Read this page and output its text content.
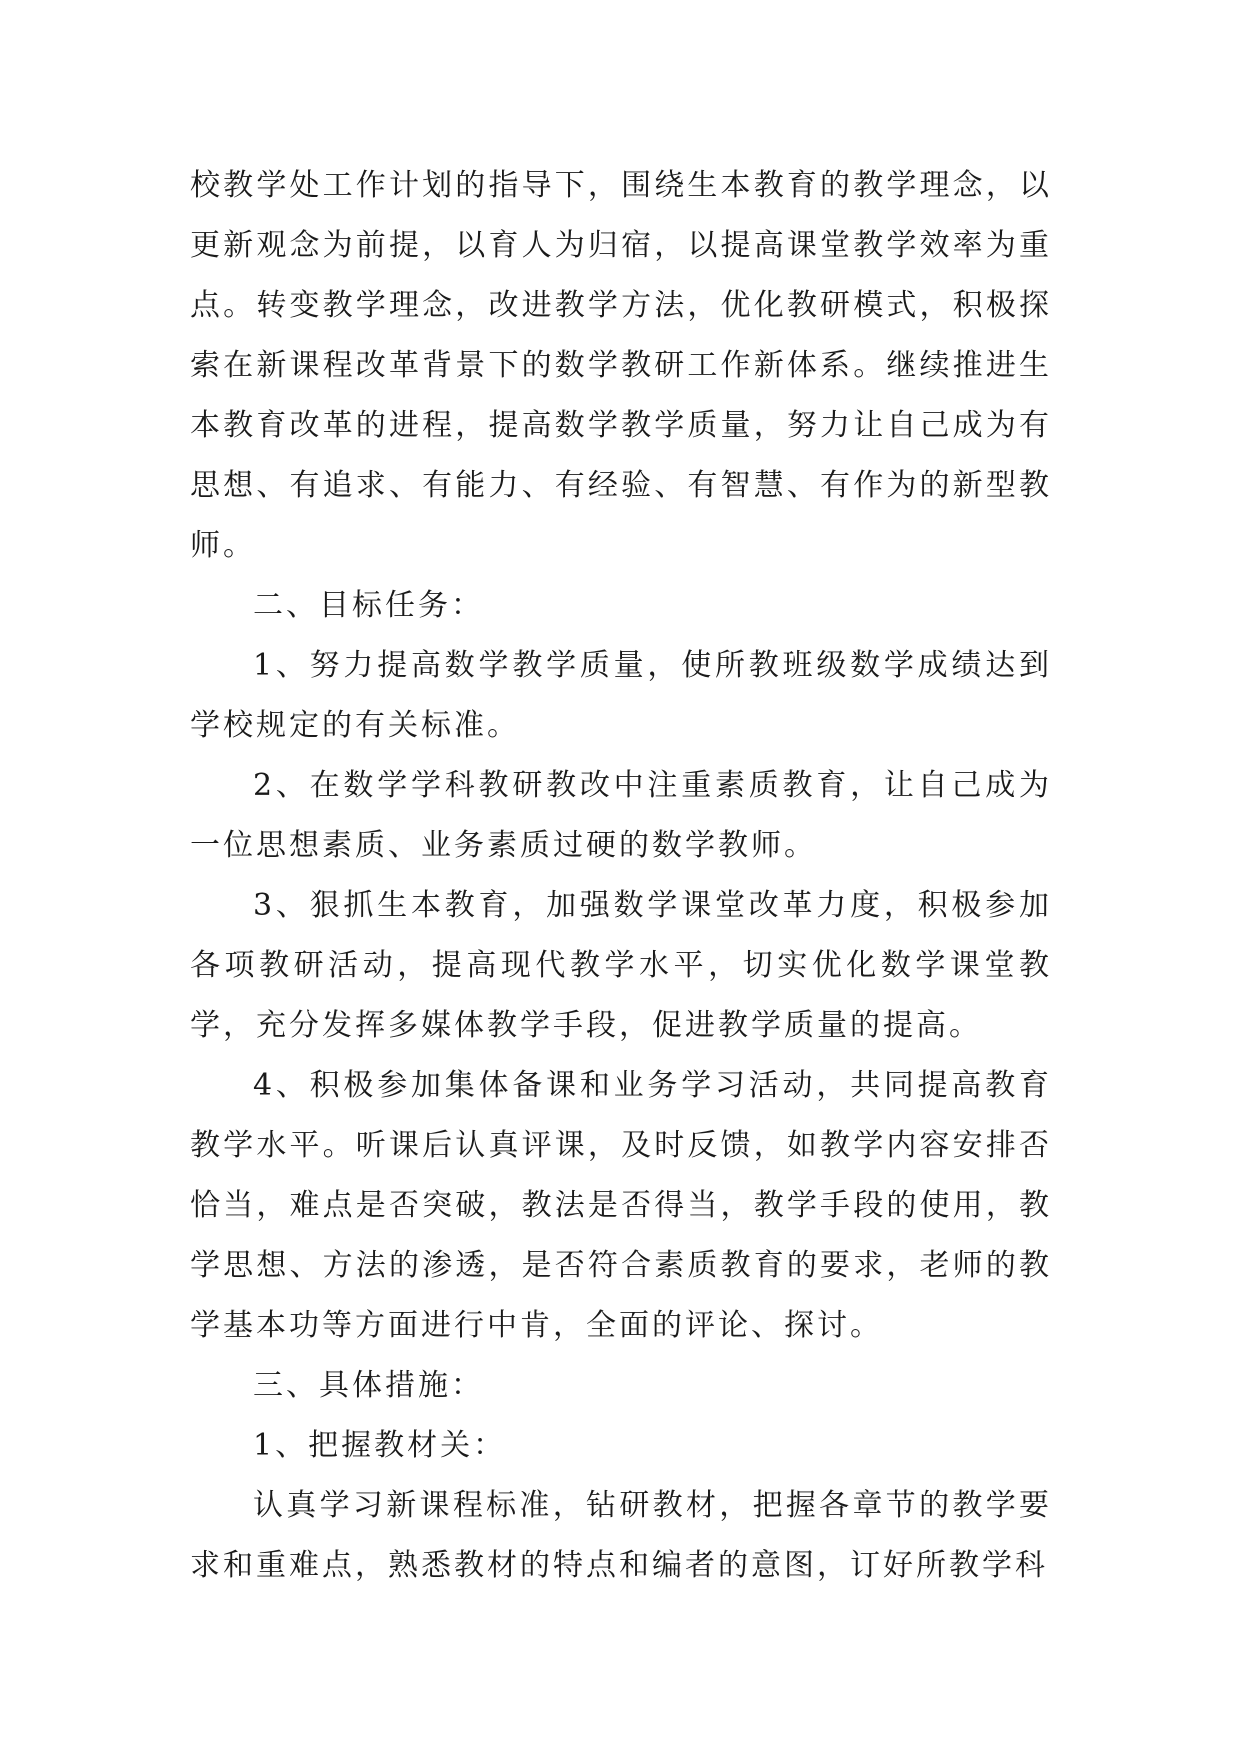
校教学处工作计划的指导下，围绕生本教育的教学理念，以更新观念为前提，以育人为归宿，以提高课堂教学效率为重点。转变教学理念，改进教学方法，优化教研模式，积极探索在新课程改革背景下的数学教研工作新体系。继续推进生本教育改革的进程，提高数学教学质量，努力让自己成为有思想、有追求、有能力、有经验、有智慧、有作为的新型教师。

二、目标任务：

1、努力提高数学教学质量，使所教班级数学成绩达到学校规定的有关标准。

2、在数学学科教研教改中注重素质教育，让自己成为一位思想素质、业务素质过硬的数学教师。

3、狠抓生本教育，加强数学课堂改革力度，积极参加各项教研活动，提高现代教学水平，切实优化数学课堂教学，充分发挥多媒体教学手段，促进教学质量的提高。

4、积极参加集体备课和业务学习活动，共同提高教育教学水平。听课后认真评课，及时反馈，如教学内容安排否恰当，难点是否突破，教法是否得当，教学手段的使用，教学思想、方法的渗透，是否符合素质教育的要求，老师的教学基本功等方面进行中肯，全面的评论、探讨。

三、具体措施：

1、把握教材关：

认真学习新课程标准，钻研教材，把握各章节的教学要求和重难点，熟悉教材的特点和编者的意图，订好所教学科
